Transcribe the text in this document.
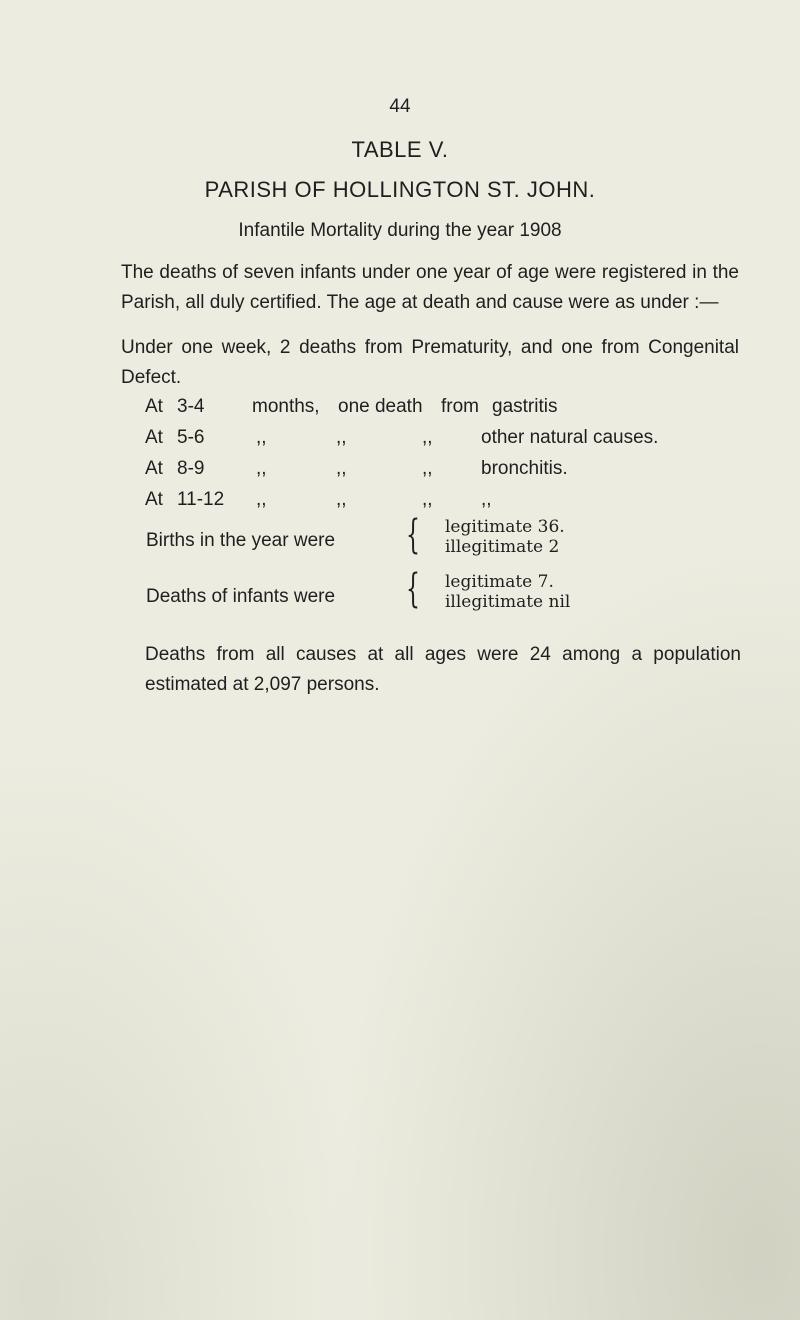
44
TABLE V.
PARISH OF HOLLINGTON ST. JOHN.
Infantile Mortality during the year 1908
The deaths of seven infants under one year of age were registered in the Parish, all duly certified. The age at death and cause were as under :—
Under one week, 2 deaths from Prematurity, and one from Congenital Defect.
At 3-4	months, one death from gastritis
At 5-6	,,	,,	,,	other natural causes.
At 8-9	,,	,,	,,	bronchitis.
At 11-12 ,,	,,	,,	,,
Births in the year were { legitimate 36.
illegitimate 2
Deaths of infants were { legitimate 7.
illegitimate nil
Deaths from all causes at all ages were 24 among a population estimated at 2,097 persons.
